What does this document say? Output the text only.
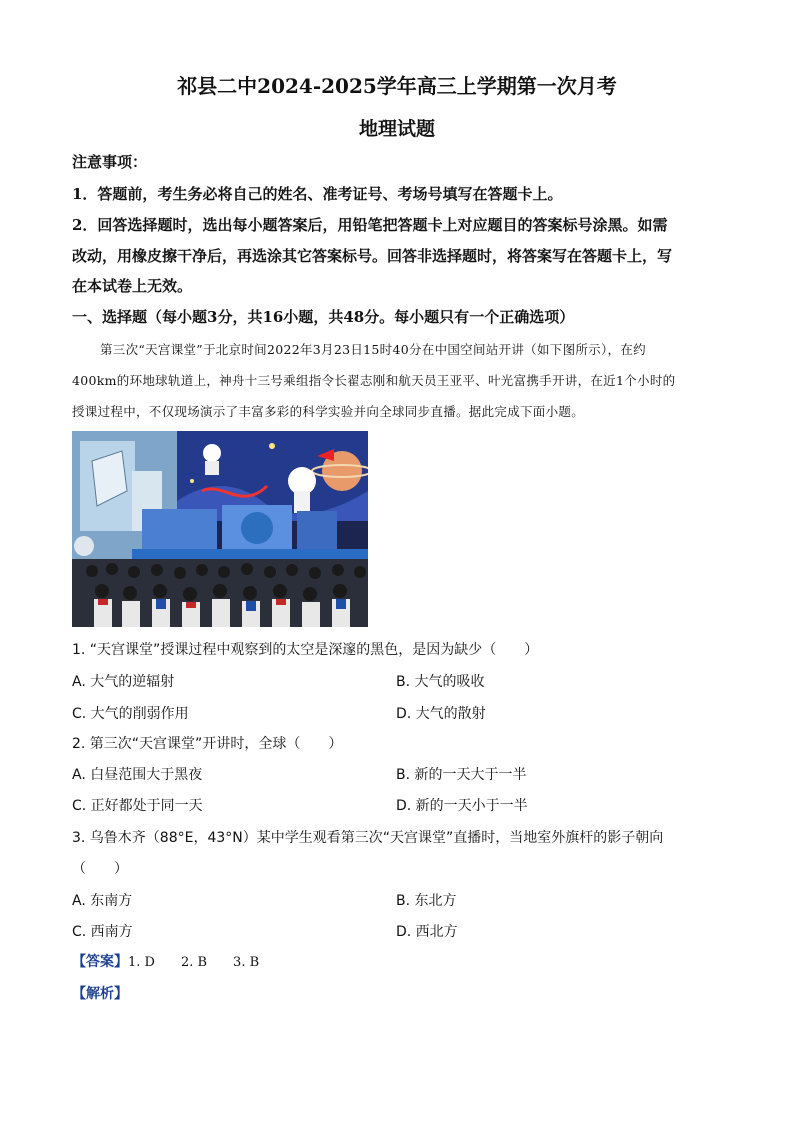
祁县二中2024-2025学年高三上学期第一次月考
地理试题
注意事项：
1．答题前，考生务必将自己的姓名、准考证号、考场号填写在答题卡上。
2．回答选择题时，选出每小题答案后，用铅笔把答题卡上对应题目的答案标号涂黑。如需
改动，用橡皮擦干净后，再选涂其它答案标号。回答非选择题时，将答案写在答题卡上，写
在本试卷上无效。
一、选择题（每小题3分，共16小题，共48分。每小题只有一个正确选项）
第三次“天宫课堂”于北京时间2022年3月23日15时40分在中国空间站开讲（如下图所示），在约
400km的环地球轨道上，神舟十三号乘组指令长翟志刚和航天员王亚平、叶光富携手开讲，在近1个小时的
授课过程中，不仅现场演示了丰富多彩的科学实验并向全球同步直播。据此完成下面小题。
1. “天宫课堂”授课过程中观察到的太空是深邃的黑色，是因为缺少（　　）
A. 大气的逆辐射	B. 大气的吸收
C. 大气的削弱作用	D. 大气的散射
2. 第三次“天宫课堂”开讲时，全球（　　）
A. 白昼范围大于黑夜	B. 新的一天大于一半
C. 正好都处于同一天	D. 新的一天小于一半
3. 乌鲁木齐（88°E，43°N）某中学生观看第三次“天宫课堂”直播时，当地室外旗杆的影子朝向
（　　）
A. 东南方	B. 东北方
C. 西南方	D. 西北方
【答案】1. D　　2. B　　3. B
【解析】
